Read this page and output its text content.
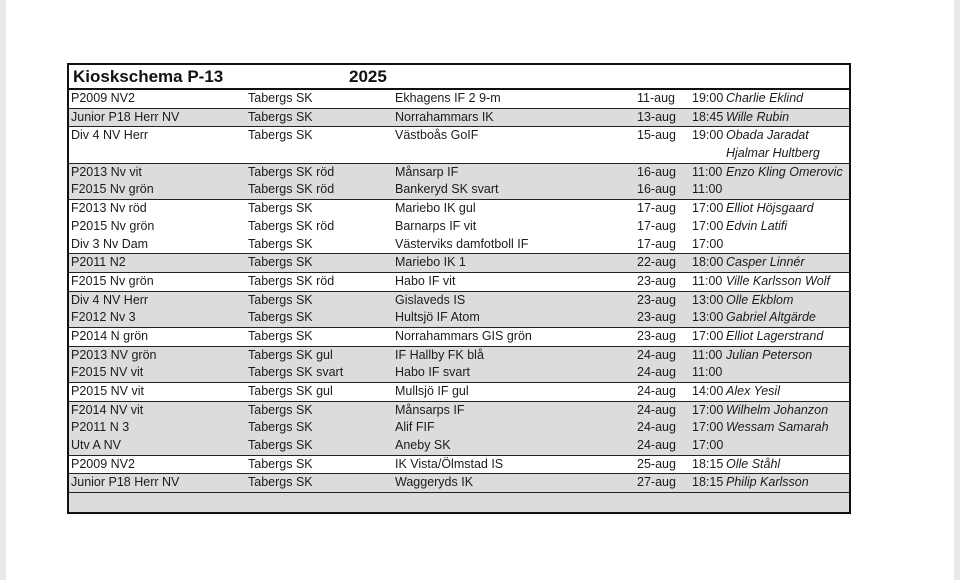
Kioskschema P-13	2025
P2009 NV2	Tabergs SK	Ekhagens IF 2 9-m	11-aug 19:00 Charlie Eklind
Junior P18 Herr NV	Tabergs SK	Norrahammars IK	13-aug 18:45 Wille Rubin
Div 4 NV Herr	Tabergs SK	Västboås GoIF	15-aug 19:00 Obada Jaradat
Hjalmar Hultberg
P2013 Nv vit	Tabergs SK röd	Månsarp IF	16-aug 11:00 Enzo Kling Omerovic
F2015 Nv grön	Tabergs SK röd	Bankeryd SK svart	16-aug 11:00
F2013 Nv röd	Tabergs SK	Mariebo IK gul	17-aug 17:00 Elliot Höjsgaard
P2015 Nv grön	Tabergs SK röd	Barnarps IF vit	17-aug 17:00 Edvin Latifi
Div 3 Nv Dam	Tabergs SK	Västerviks damfotboll IF	17-aug 17:00
P2011 N2	Tabergs SK	Mariebo IK 1	22-aug 18:00 Casper Linnér
F2015 Nv grön	Tabergs SK röd	Habo IF vit	23-aug 11:00 Ville Karlsson Wolf
Div 4 NV Herr	Tabergs SK	Gislaveds IS	23-aug 13:00 Olle Ekblom
F2012 Nv 3	Tabergs SK	Hultsjö IF Atom	23-aug 13:00 Gabriel Altgärde
P2014 N grön	Tabergs SK	Norrahammars GIS grön	23-aug 17:00 Elliot Lagerstrand
P2013 NV grön	Tabergs SK gul	IF Hallby FK blå	24-aug 11:00 Julian Peterson
F2015 NV vit	Tabergs SK svart	Habo IF svart	24-aug 11:00
P2015 NV vit	Tabergs SK gul	Mullsjö IF gul	24-aug 14:00 Alex Yesil
F2014 NV vit	Tabergs SK	Månsarps IF	24-aug 17:00 Wilhelm Johanzon
P2011 N 3	Tabergs SK	Alif FIF	24-aug 17:00 Wessam Samarah
Utv A NV	Tabergs SK	Aneby SK	24-aug 17:00
P2009 NV2	Tabergs SK	IK Vista/Ölmstad IS	25-aug 18:15 Olle Ståhl
Junior P18 Herr NV	Tabergs SK	Waggeryds IK	27-aug 18:15 Philip Karlsson
